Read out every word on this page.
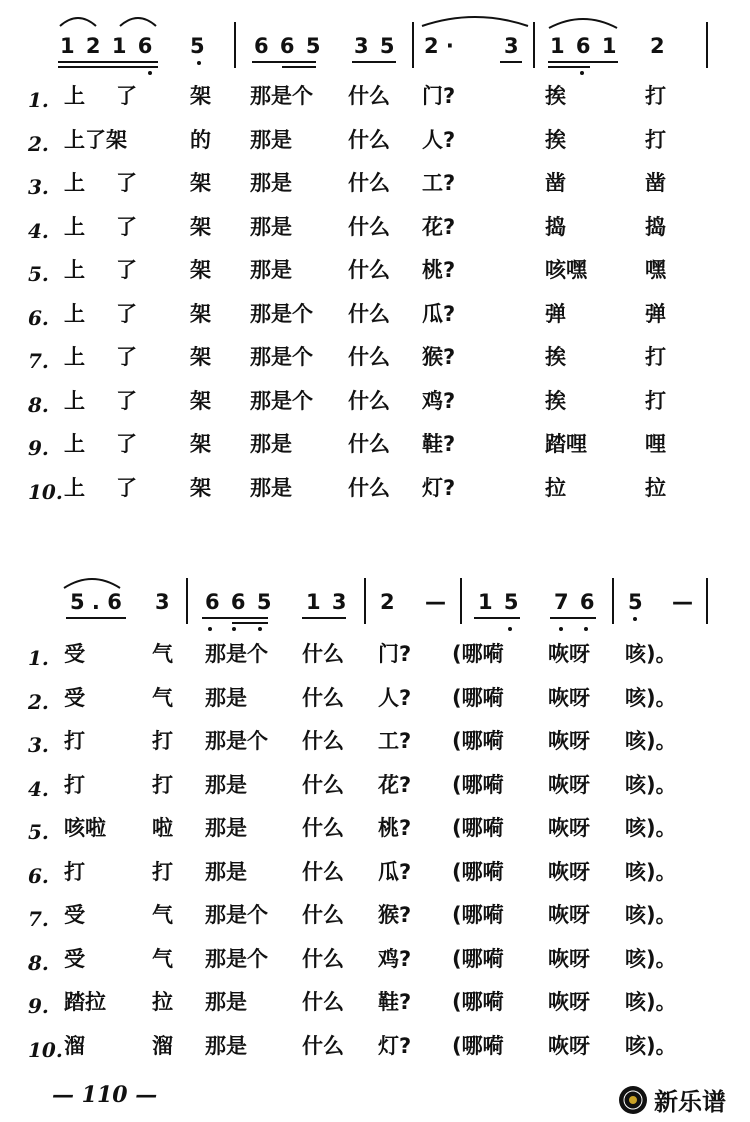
1 2 1 6 5 6 6 5 3 5 2 · 3 1 6 1 2
1. 上 了	架 那是个 什么 门?	挨	打
2. 上了架	的 那是	什么 人?	挨	打
3. 上 了	架 那是	什么 工?	凿	凿
4. 上 了	架 那是	什么 花?	捣	捣
5. 上 了	架 那是	什么 桃?	咳嘿	嘿
6. 上 了	架 那是个 什么 瓜?	弹	弹
7. 上 了	架 那是个 什么 猴?	挨	打
8. 上 了	架 那是个 什么 鸡?	挨	打
9. 上 了	架 那是	什么 鞋?	踏哩	哩
10. 上 了	架 那是	什么 灯?	拉	拉
5 . 6 3 6 6 5 1 3 2 — 1 5 7 6 5 —
1. 受	气 那是个 什么 门? (哪嗬 咴呀 咳)。
2. 受	气 那是	什么 人? (哪嗬 咴呀 咳)。
3. 打	打 那是个 什么 工? (哪嗬 咴呀 咳)。
4. 打	打 那是	什么 花? (哪嗬 咴呀 咳)。
5. 咳啦 啦 那是	什么 桃? (哪嗬 咴呀 咳)。
6. 打	打 那是	什么 瓜? (哪嗬 咴呀 咳)。
7. 受	气 那是个 什么 猴? (哪嗬 咴呀 咳)。
8. 受	气 那是个 什么 鸡? (哪嗬 咴呀 咳)。
9. 踏拉 拉 那是	什么 鞋? (哪嗬 咴呀 咳)。
10. 溜	溜 那是	什么 灯? (哪嗬 咴呀 咳)。
— 110 —	新乐谱
